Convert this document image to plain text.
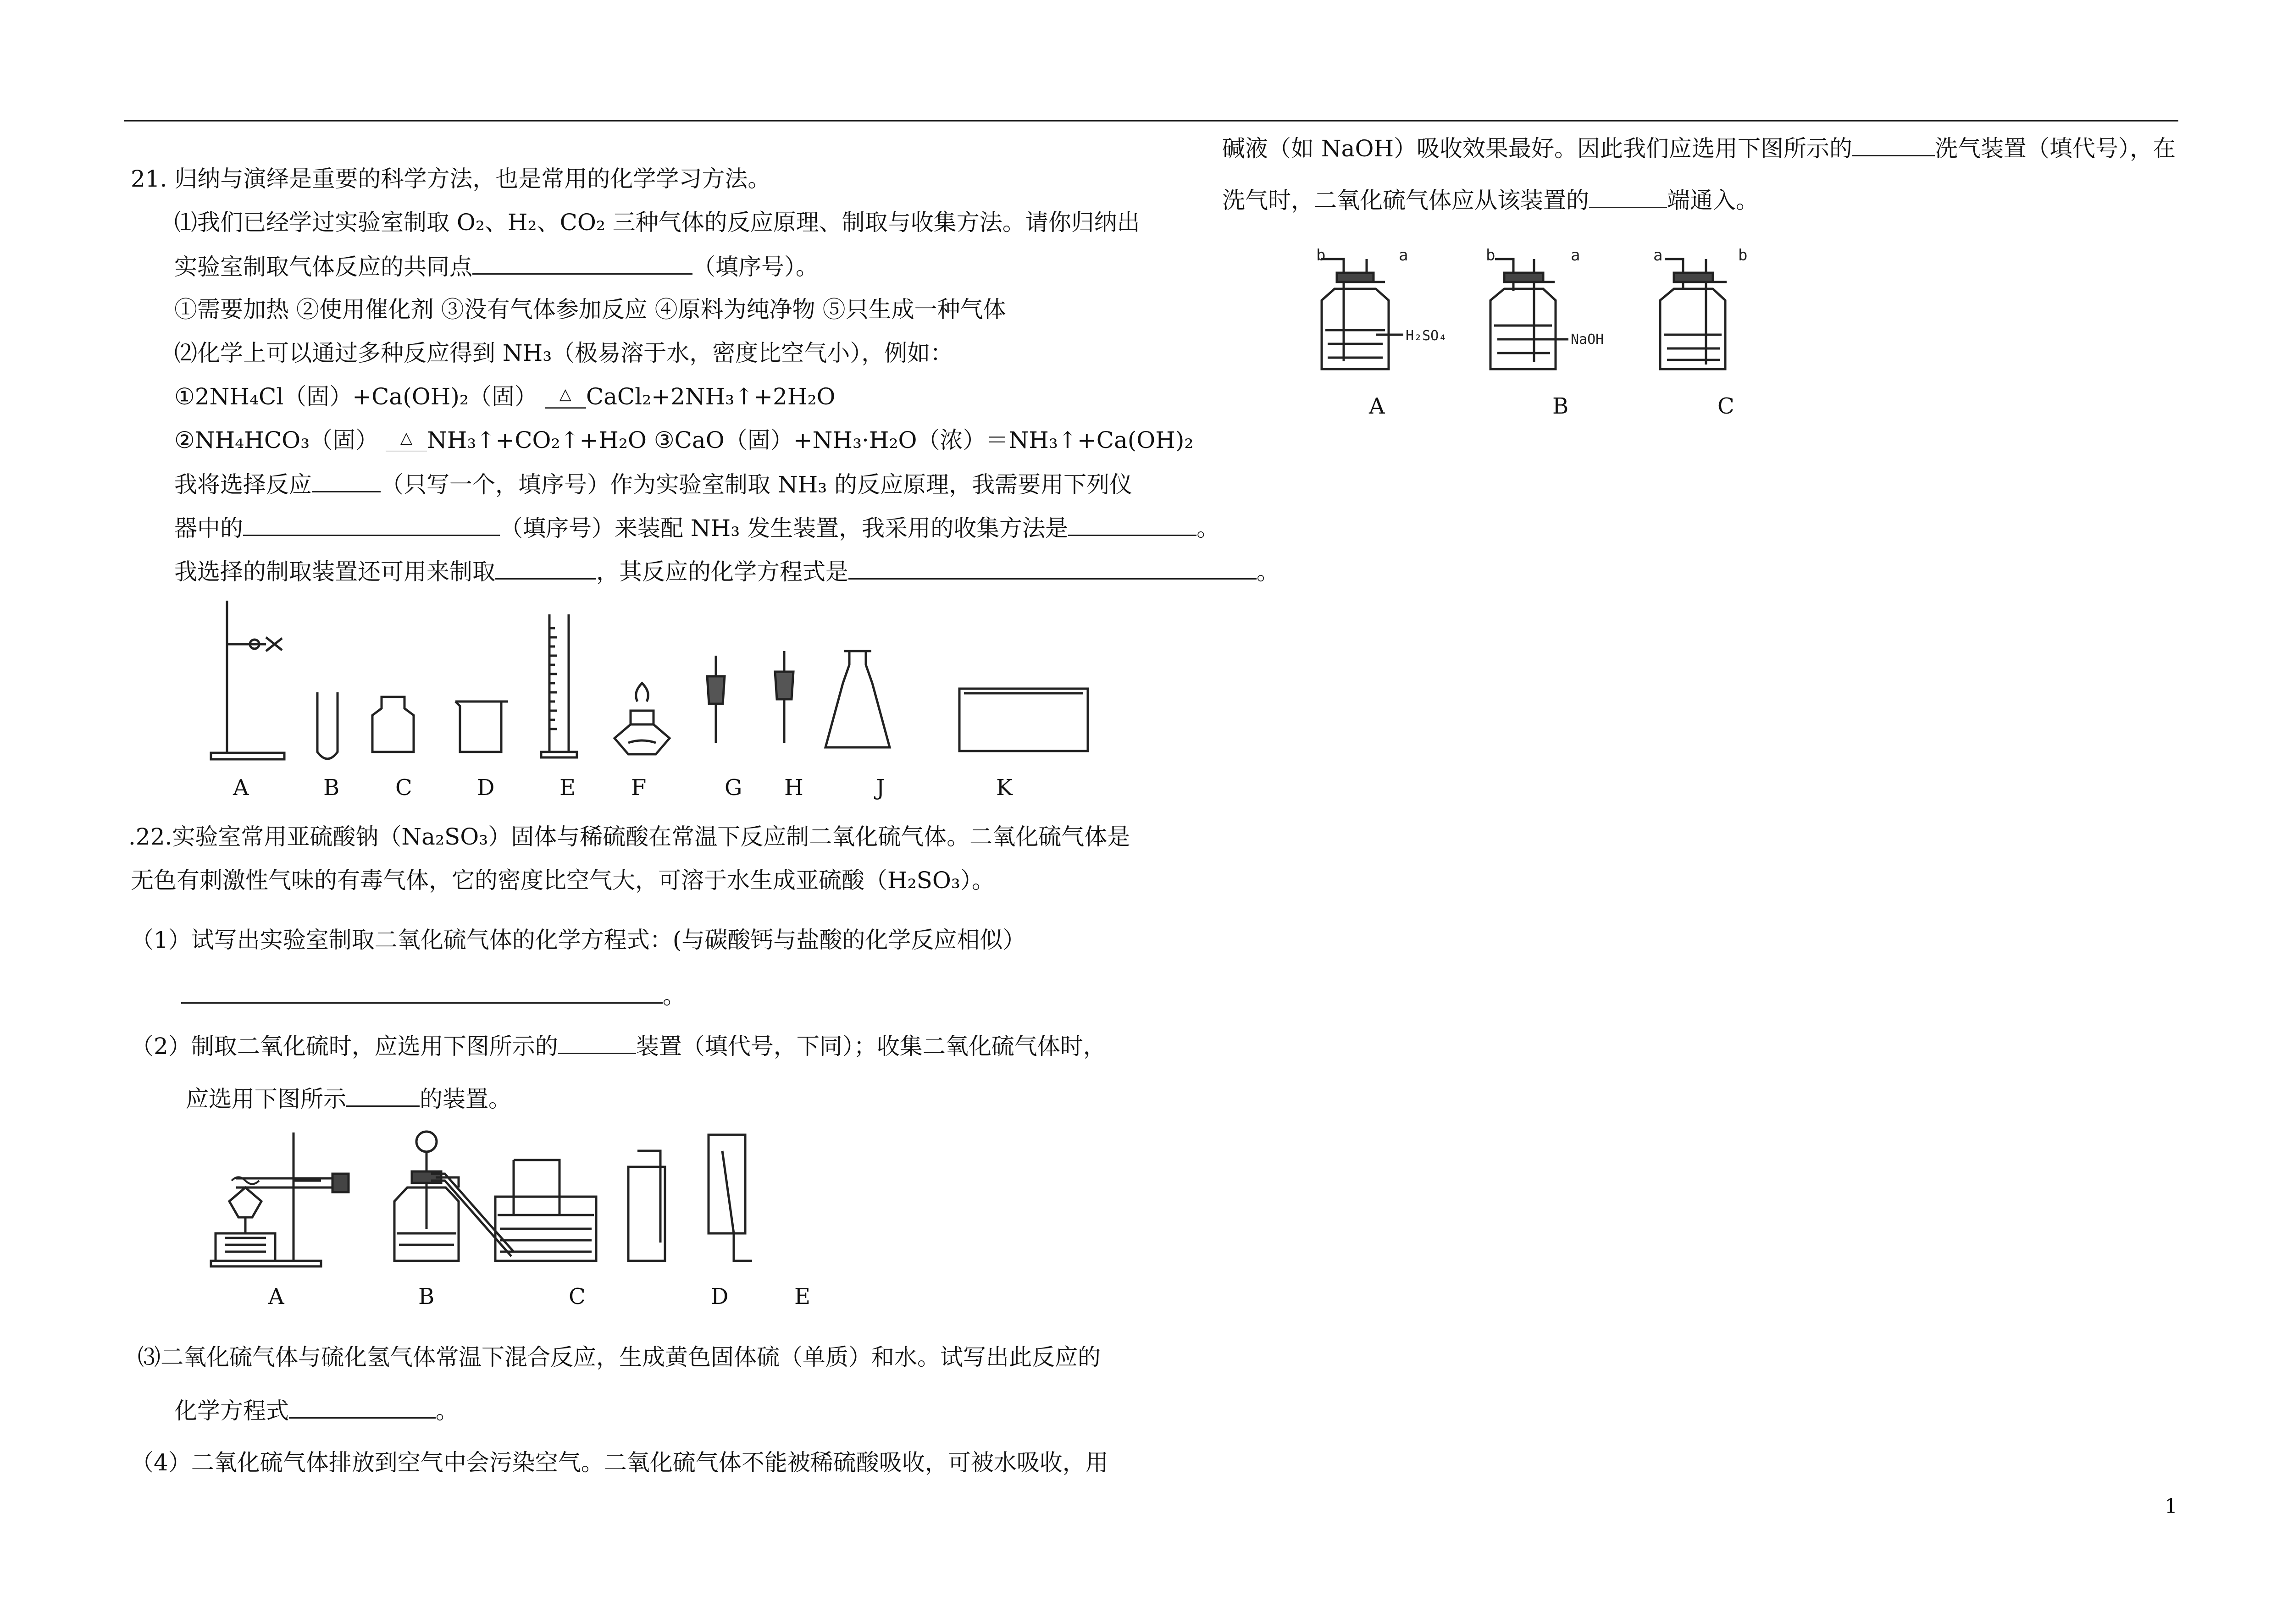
21. 归纳与演绎是重要的科学方法，也是常用的化学学习方法。
⑴我们已经学过实验室制取 O₂、H₂、CO₂ 三种气体的反应原理、制取与收集方法。请你归纳出
实验室制取气体反应的共同点	（填序号）。
①需要加热 ②使用催化剂 ③没有气体参加反应 ④原料为纯净物 ⑤只生成一种气体
⑵化学上可以通过多种反应得到 NH₃（极易溶于水，密度比空气小），例如：
①2NH₄Cl（固）+Ca(OH)₂（固） △ CaCl₂+2NH₃↑+2H₂O
②NH₄HCO₃（固） △ NH₃↑+CO₂↑+H₂O ③CaO（固）+NH₃·H₂O（浓）＝NH₃↑+Ca(OH)₂
我将选择反应	（只写一个，填序号）作为实验室制取 NH₃ 的反应原理，我需要用下列仪
器中的	（填序号）来装配 NH₃ 发生装置，我采用的收集方法是	。
我选择的制取装置还可用来制取	，其反应的化学方程式是	。
A	B	C	D	E	F	G H	J	K
.22.实验室常用亚硫酸钠（Na₂SO₃）固体与稀硫酸在常温下反应制二氧化硫气体。二氧化硫气体是
无色有刺激性气味的有毒气体，它的密度比空气大，可溶于水生成亚硫酸（H₂SO₃）。
（1）试写出实验室制取二氧化硫气体的化学方程式：(与碳酸钙与盐酸的化学反应相似）
。
（2）制取二氧化硫时，应选用下图所示的	装置（填代号，下同）；收集二氧化硫气体时，
应选用下图所示	的装置。
A	B	C	D	E
⑶二氧化硫气体与硫化氢气体常温下混合反应，生成黄色固体硫（单质）和水。试写出此反应的
化学方程式	。
（4）二氧化硫气体排放到空气中会污染空气。二氧化硫气体不能被稀硫酸吸收，可被水吸收，用
碱液（如 NaOH）吸收效果最好。因此我们应选用下图所示的	洗气装置（填代号），在
洗气时，二氧化硫气体应从该装置的	端通入。
b	a	b	a	a	b
H₂SO₄	NaOH
A	B	C
1
